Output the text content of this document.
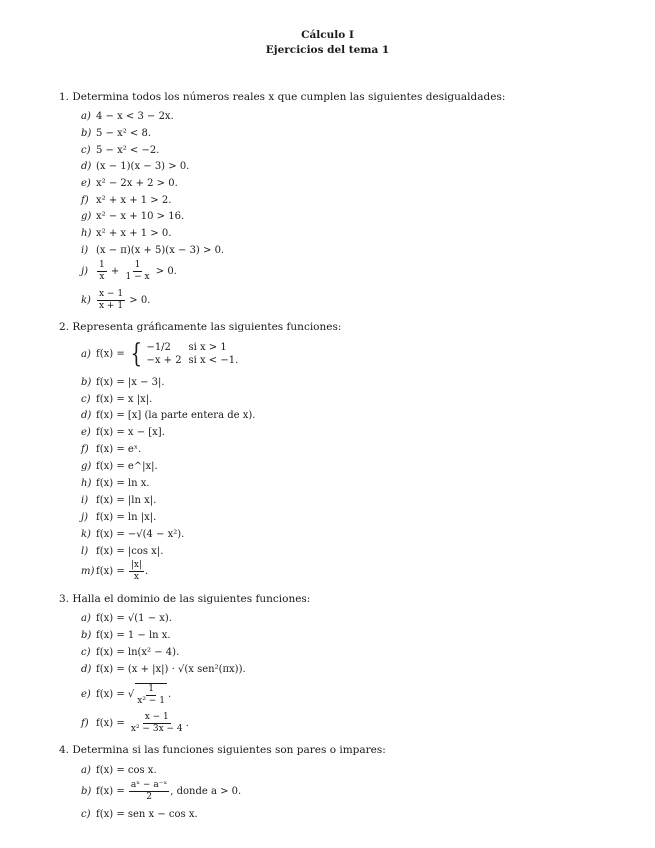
Cálculo I
Ejercicios del tema 1
1. Determina todos los números reales x que cumplen las siguientes desigualdades:
a) 4 − x < 3 − 2x.
b) 5 − x² < 8.
c) 5 − x² < −2.
d) (x − 1)(x − 3) > 0.
e) x² − 2x + 2 > 0.
f) x² + x + 1 > 2.
g) x² − x + 10 > 16.
h) x² + x + 1 > 0.
i) (x − π)(x + 5)(x − 3) > 0.
$j) \frac{1}{x} + \frac{1}{1 - x} > 0$.
$k) \frac{x - 1}{x + 1} > 0$.
2. Representa gráficamente las siguientes funciones:
a) f(x) = { −1/2	si x > 1
−x + 2 si x < −1.
b) f(x) = |x − 3|.
c) f(x) = x |x|.
d) f(x) = [x] (la parte entera de x).
e) f(x) = x − [x].
f) f(x) = eˣ.
g) f(x) = e^|x|.
h) f(x) = ln x.
i) f(x) = |ln x|.
j) f(x) = ln |x|.
k) f(x) = −√(4 − x²).
l) f(x) = |cos x|.
m) $f(x) = \frac{|x|}{x}$ .
3. Halla el dominio de las siguientes funciones:
a) f(x) = √(1 − x).
b) f(x) = 1 − ln x.
c) f(x) = ln(x² − 4).
d) f(x) = (x + |x|) · √(x sen²(πx)).
e) f(x) = √ $\frac{1}{\text{x² − 1}}$ .
f) $f(x) = \frac{x - 1}{\text{x² − 3x − 4}}$ .
4. Determina si las funciones siguientes son pares o impares:
a) f(x) = cos x.
b) $f(x) = \frac{\text{aˣ − a⁻ˣ}}{2}$ , donde a > 0.
c) f(x) = sen x − cos x.
